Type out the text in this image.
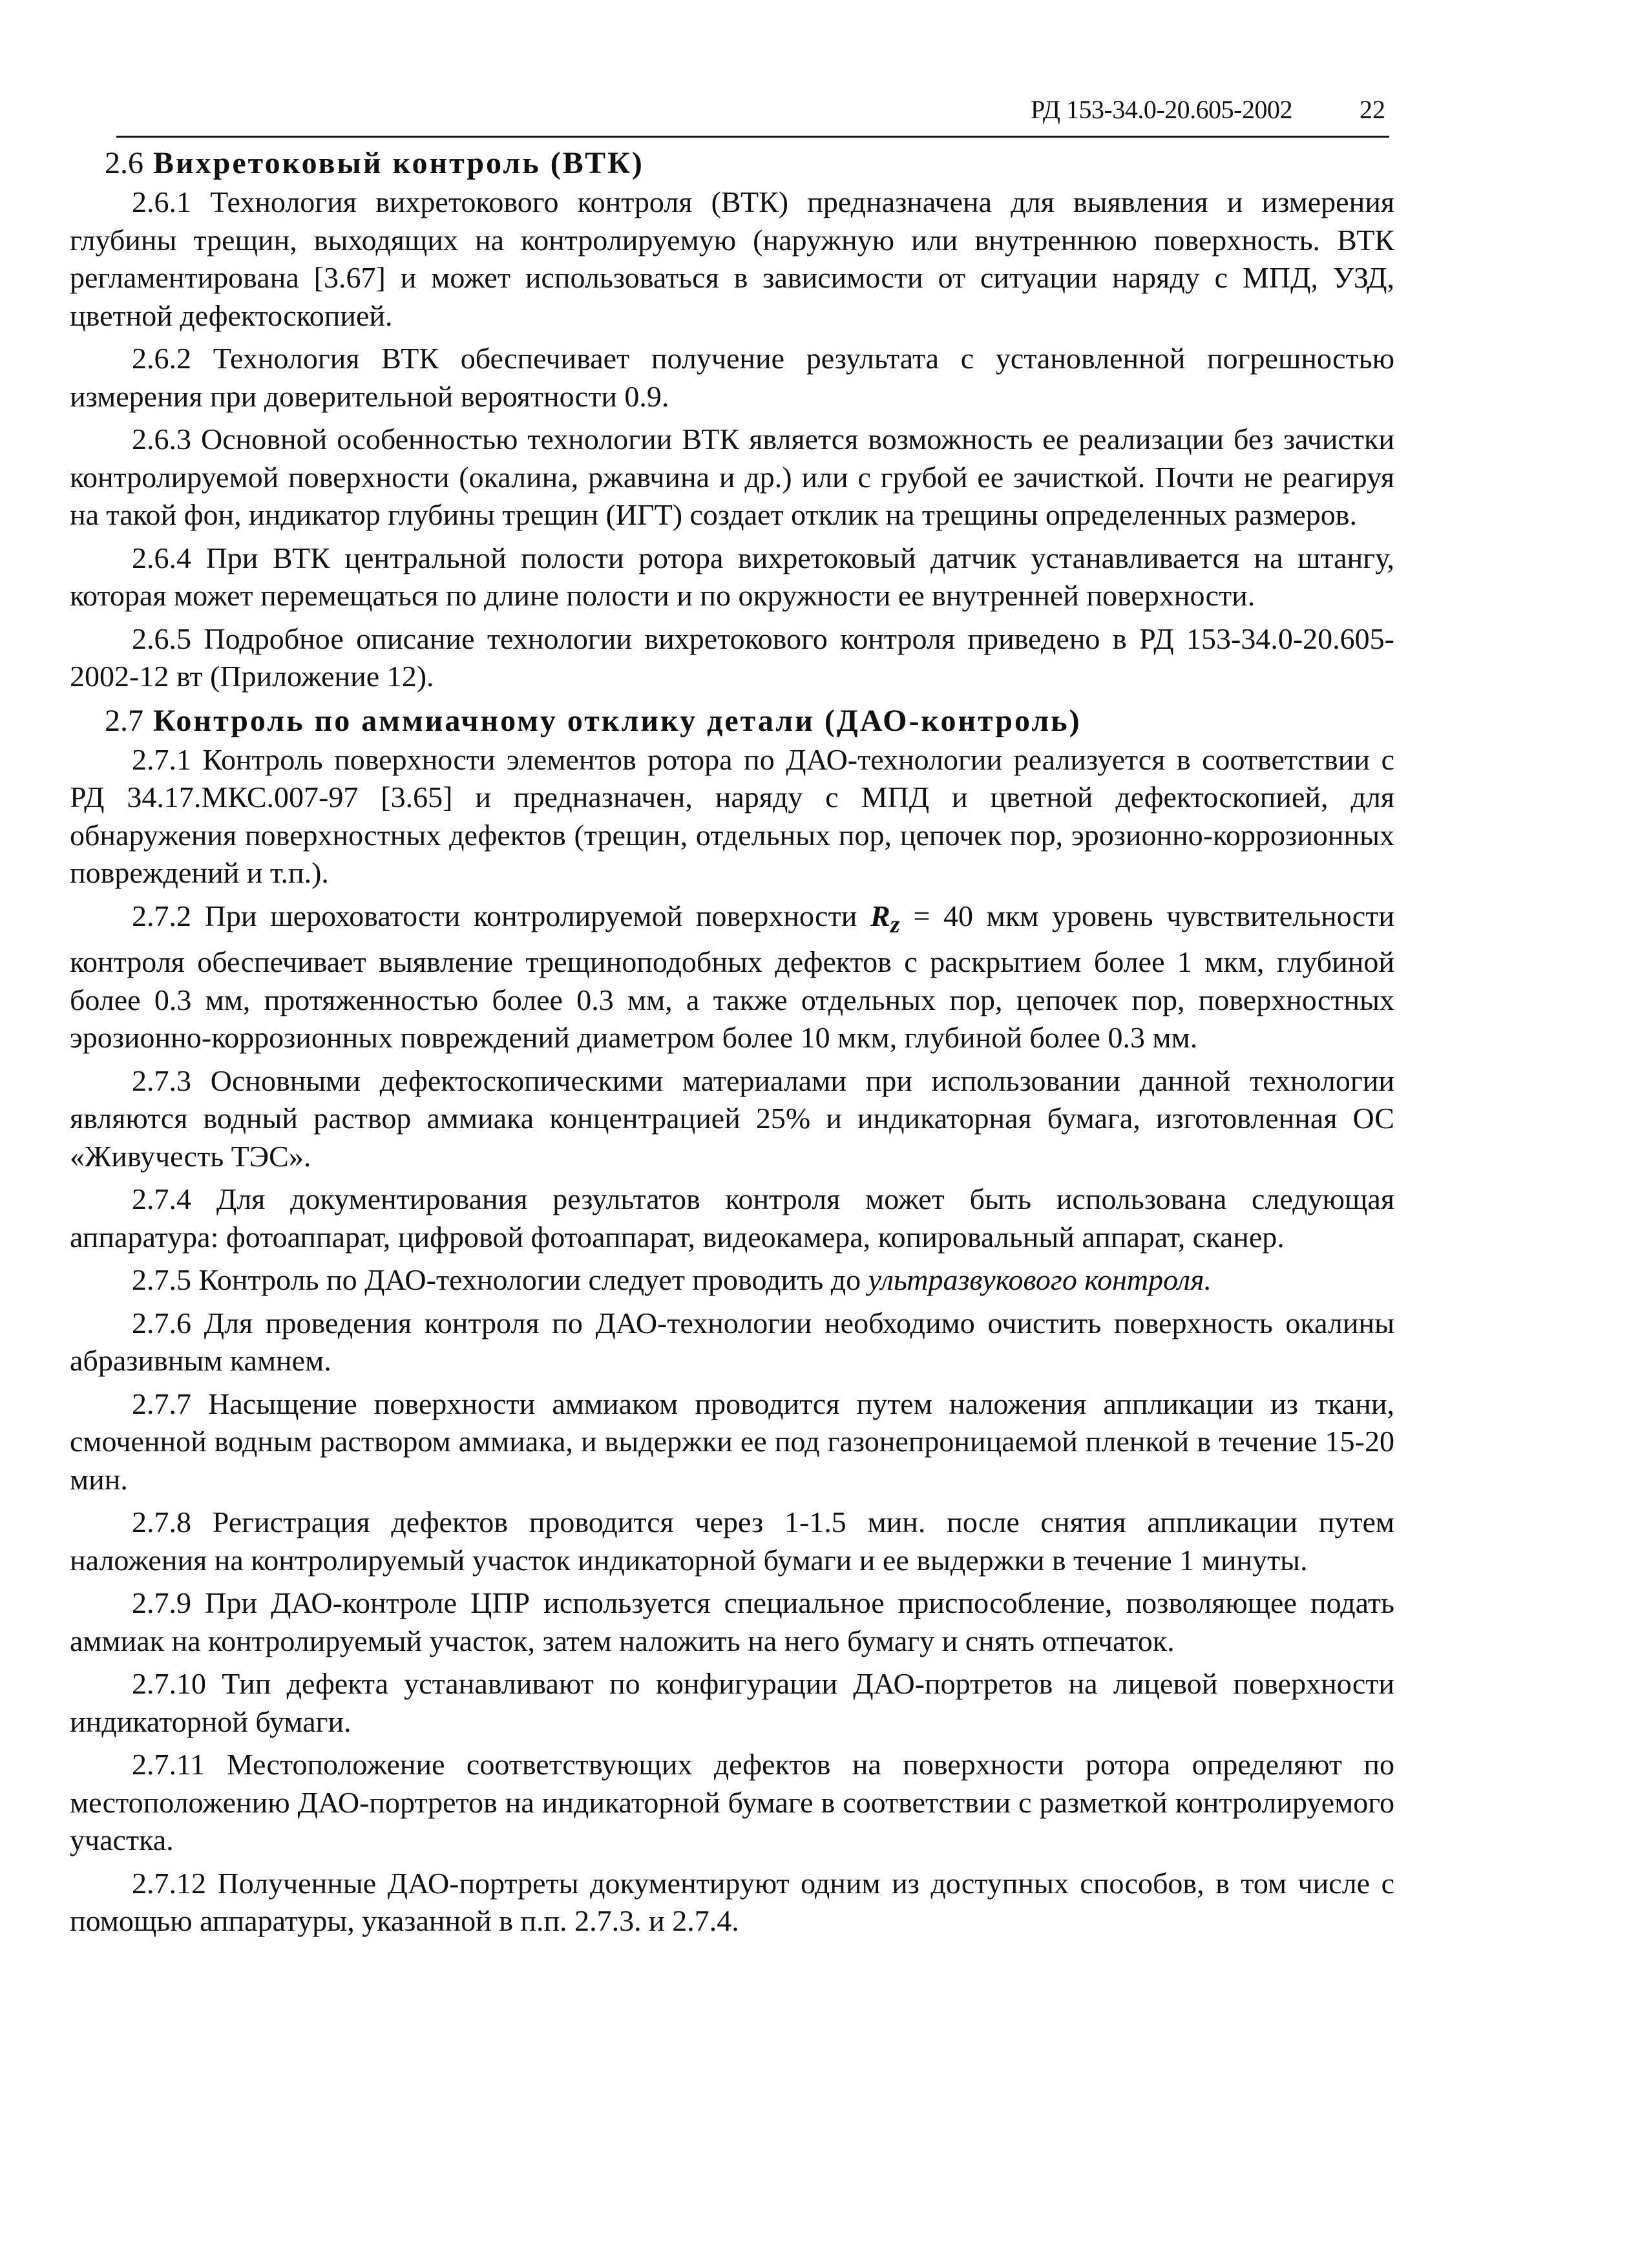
РД 153-34.0-20.605-2002	22
2.6 Вихретоковый контроль (ВТК)

2.6.1 Технология вихретокового контроля (ВТК) предназначена для выявления и измерения глубины трещин, выходящих на контролируемую (наружную или внутреннюю поверхность. ВТК регламентирована [3.67] и может использоваться в зависимости от ситуации наряду с МПД, УЗД, цветной дефектоскопией.

2.6.2 Технология ВТК обеспечивает получение результата с установленной погрешностью измерения при доверительной вероятности 0.9.

2.6.3 Основной особенностью технологии ВТК является возможность ее реализации без зачистки контролируемой поверхности (окалина, ржавчина и др.) или с грубой ее зачисткой. Почти не реагируя на такой фон, индикатор глубины трещин (ИГТ) создает отклик на трещины определенных размеров.

2.6.4 При ВТК центральной полости ротора вихретоковый датчик устанавливается на штангу, которая может перемещаться по длине полости и по окружности ее внутренней поверхности.

2.6.5 Подробное описание технологии вихретокового контроля приведено в РД 153-34.0-20.605-2002-12 вт (Приложение 12).

2.7 Контроль по аммиачному отклику детали (ДАО-контроль)

2.7.1 Контроль поверхности элементов ротора по ДАО-технологии реализуется в соответствии с РД 34.17.МКС.007-97 [3.65] и предназначен, наряду с МПД и цветной дефектоскопией, для обнаружения поверхностных дефектов (трещин, отдельных пор, цепочек пор, эрозионно-коррозионных повреждений и т.п.).

2.7.2 При шероховатости контролируемой поверхности $R_z = 40$ мкм уровень чувствительности контроля обеспечивает выявление трещиноподобных дефектов с раскрытием более 1 мкм, глубиной более 0.3 мм, протяженностью более 0.3 мм, а также отдельных пор, цепочек пор, поверхностных эрозионно-коррозионных повреждений диаметром более 10 мкм, глубиной более 0.3 мм.

2.7.3 Основными дефектоскопическими материалами при использовании данной технологии являются водный раствор аммиака концентрацией 25% и индикаторная бумага, изготовленная ОС «Живучесть ТЭС».

2.7.4 Для документирования результатов контроля может быть использована следующая аппаратура: фотоаппарат, цифровой фотоаппарат, видеокамера, копировальный аппарат, сканер.

2.7.5 Контроль по ДАО-технологии следует проводить до ультразвукового контроля.

2.7.6 Для проведения контроля по ДАО-технологии необходимо очистить поверхность окалины абразивным камнем.

2.7.7 Насыщение поверхности аммиаком проводится путем наложения аппликации из ткани, смоченной водным раствором аммиака, и выдержки ее под газонепроницаемой пленкой в течение 15-20 мин.

2.7.8 Регистрация дефектов проводится через 1-1.5 мин. после снятия аппликации путем наложения на контролируемый участок индикаторной бумаги и ее выдержки в течение 1 минуты.

2.7.9 При ДАО-контроле ЦПР используется специальное приспособление, позволяющее подать аммиак на контролируемый участок, затем наложить на него бумагу и снять отпечаток.

2.7.10 Тип дефекта устанавливают по конфигурации ДАО-портретов на лицевой поверхности индикаторной бумаги.

2.7.11 Местоположение соответствующих дефектов на поверхности ротора определяют по местоположению ДАО-портретов на индикаторной бумаге в соответствии с разметкой контролируемого участка.

2.7.12 Полученные ДАО-портреты документируют одним из доступных способов, в том числе с помощью аппаратуры, указанной в п.п. 2.7.3. и 2.7.4.
